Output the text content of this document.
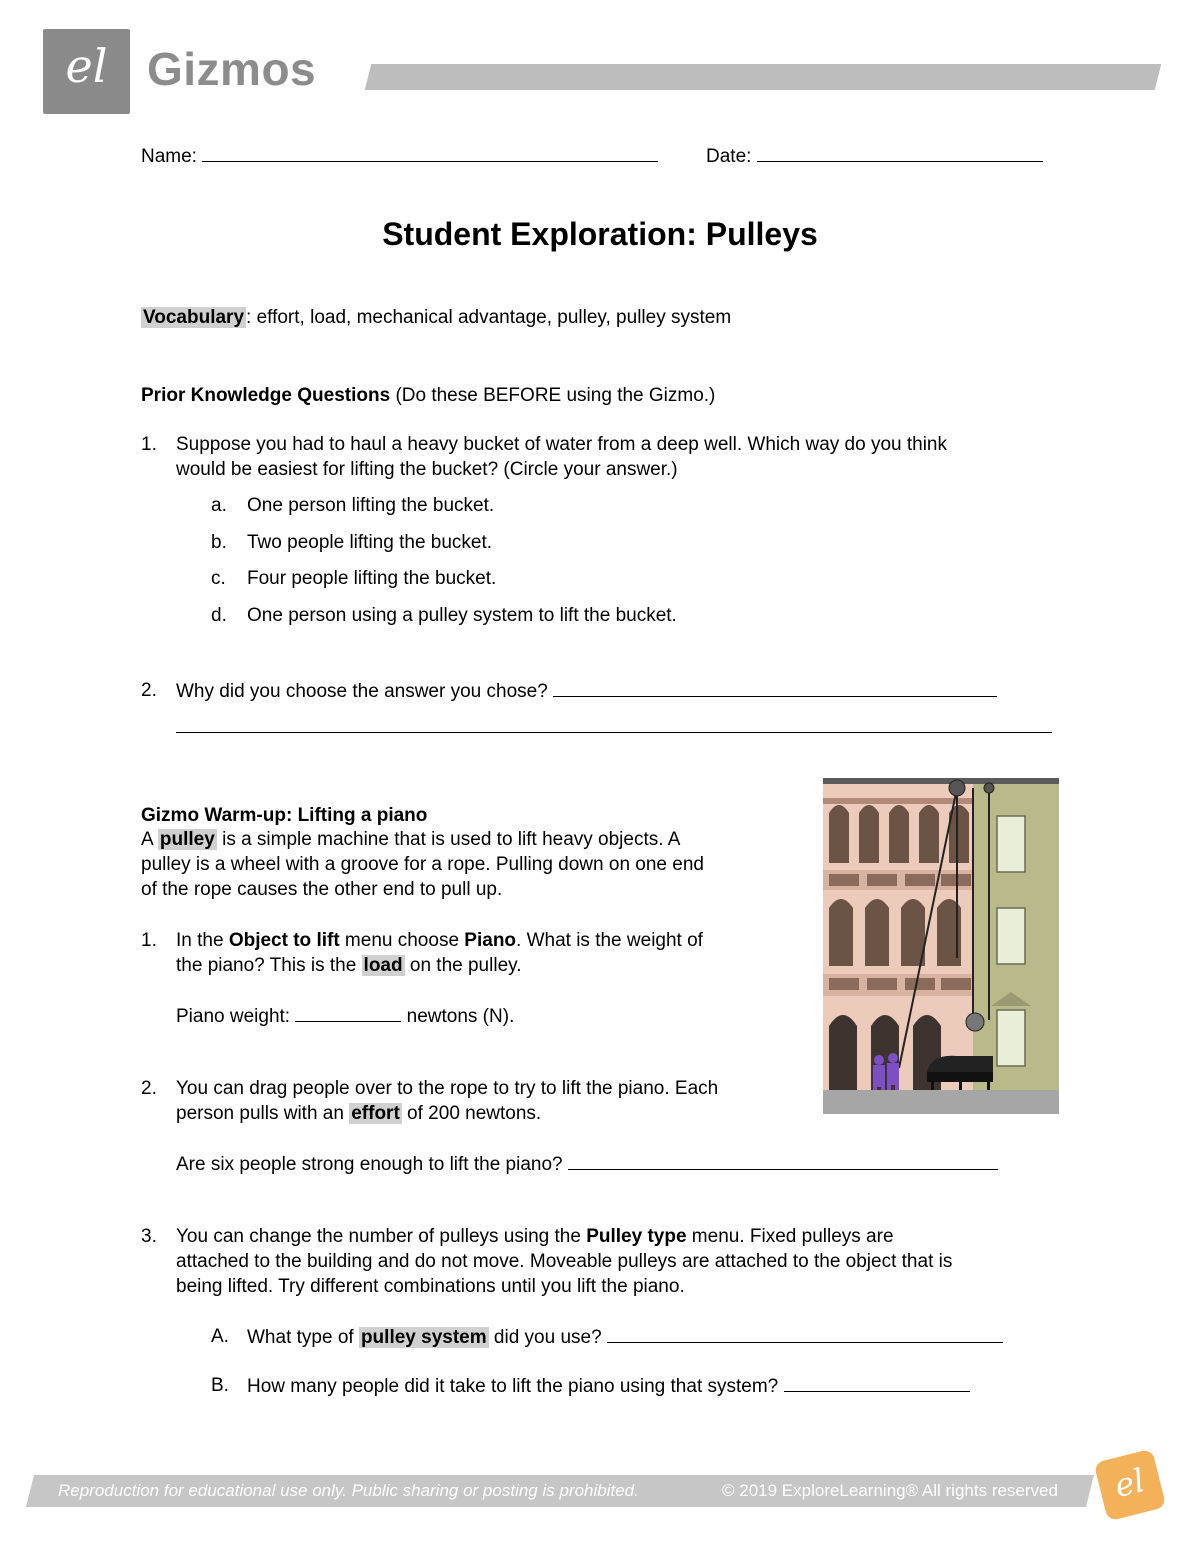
el Gizmos
Name:	Date:
Student Exploration: Pulleys
Vocabulary : effort, load, mechanical advantage, pulley, pulley system
Prior Knowledge Questions (Do these BEFORE using the Gizmo.)
1.	Suppose you had to haul a heavy bucket of water from a deep well. Which way do you think
would be easiest for lifting the bucket? (Circle your answer.)
a.	One person lifting the bucket.
b.	Two people lifting the bucket.
c.	Four people lifting the bucket.
d.	One person using a pulley system to lift the bucket.
2.	Why did you choose the answer you chose?
Gizmo Warm-up: Lifting a piano
A pulley is a simple machine that is used to lift heavy objects. A
pulley is a wheel with a groove for a rope. Pulling down on one end
of the rope causes the other end to pull up.
1.	In the Object to lift menu choose Piano. What is the weight of
the piano? This is the load on the pulley.
Piano weight:	newtons (N).
2.	You can drag people over to the rope to try to lift the piano. Each
person pulls with an effort of 200 newtons.
Are six people strong enough to lift the piano?
3.	You can change the number of pulleys using the Pulley type menu. Fixed pulleys are
attached to the building and do not move. Moveable pulleys are attached to the object that is
being lifted. Try different combinations until you lift the piano.
A. What type of pulley system did you use?
B. How many people did it take to lift the piano using that system?
Reproduction for educational use only. Public sharing or posting is prohibited.	© 2019 ExploreLearning® All rights reserved	el
